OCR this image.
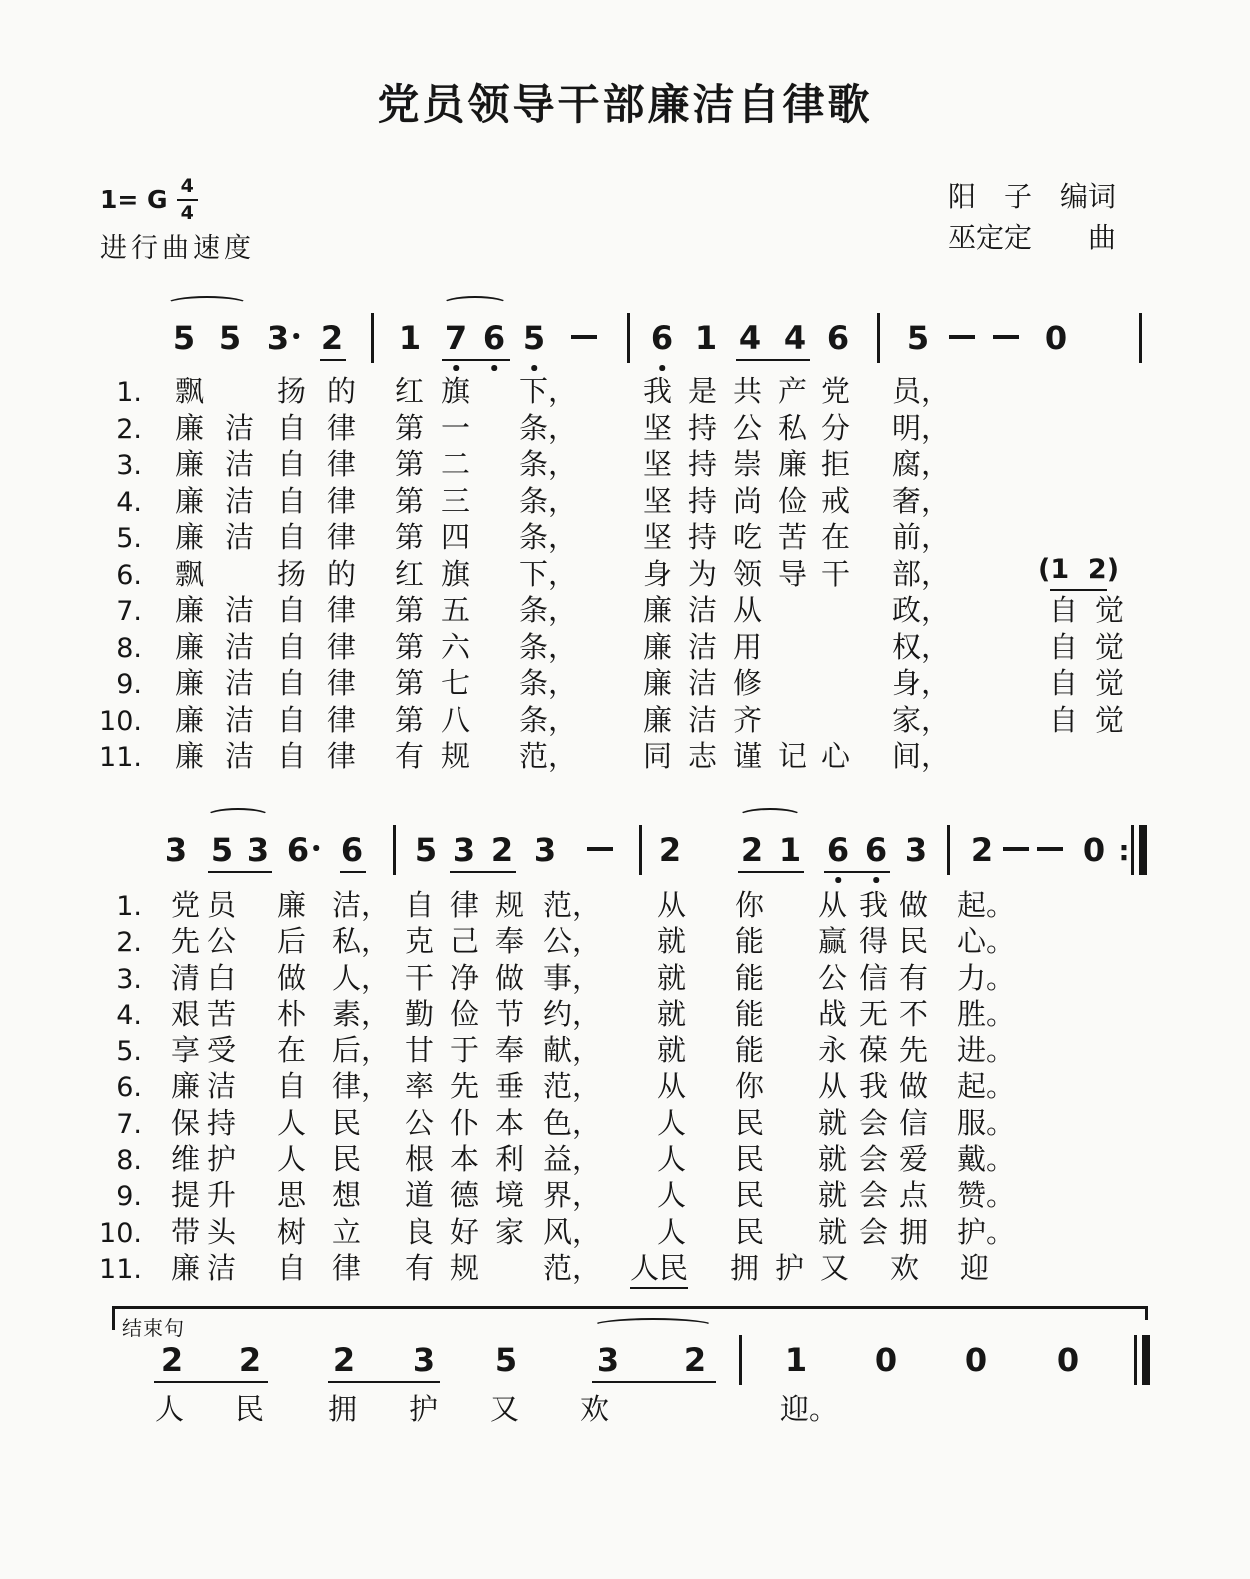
党员领导干部廉洁自律歌
1= G $\frac{4}{4}$
进行曲速度
阳　子　编词
巫定定　　曲
5 5 3 2 1 7 6 5	6 1 4 4 6 5	0
1. 飘	扬 的 红 旗 下， 我 是 共 产 党 员，
2. 廉 洁 自 律 第 一 条， 坚 持 公 私 分 明，
3. 廉 洁 自 律 第 二 条， 坚 持 崇 廉 拒 腐，
4. 廉 洁 自 律 第 三 条， 坚 持 尚 俭 戒 奢，
5. 廉 洁 自 律 第 四 条， 坚 持 吃 苦 在 前，
6. 飘	扬 的 红 旗 下， 身 为 领 导 干 部，	(1  2)
7. 廉 洁 自 律 第 五 条， 廉 洁 从	政，	自 觉
8. 廉 洁 自 律 第 六 条， 廉 洁 用	权，	自 觉
9. 廉 洁 自 律 第 七 条， 廉 洁 修	身，	自 觉
10. 廉 洁 自 律 第 八 条， 廉 洁 齐	家，	自 觉
11. 廉 洁 自 律 有 规 范， 同 志 谨 记 心 间，
3 5 3 6 6 5 3 2 3	2 2 1 6 6 3 2	0 :
1. 党 员 廉 洁， 自 律 规 范， 从 你 从 我 做 起。
2. 先 公 后 私， 克 己 奉 公， 就 能 赢 得 民 心。
3. 清 白 做 人， 干 净 做 事， 就 能 公 信 有 力。
4. 艰 苦 朴 素， 勤 俭 节 约， 就 能 战 无 不 胜。
5. 享 受 在 后， 甘 于 奉 献， 就 能 永 葆 先 进。
6. 廉 洁 自 律， 率 先 垂 范， 从 你 从 我 做 起。
7. 保 持 人 民 公 仆 本 色， 人 民 就 会 信 服。
8. 维 护 人 民 根 本 利 益， 人 民 就 会 爱 戴。
9. 提 升 思 想 道 德 境 界， 人 民 就 会 点 赞。
10. 带 头 树 立 良 好 家 风， 人 民 就 会 拥 护。
11. 廉 洁 自 律 有 规 范， 人民 拥 护 又 欢 迎
结束句
2 2 2 3 5 3 2 1 0 0 0
人 民 拥 护 又 欢	迎。
